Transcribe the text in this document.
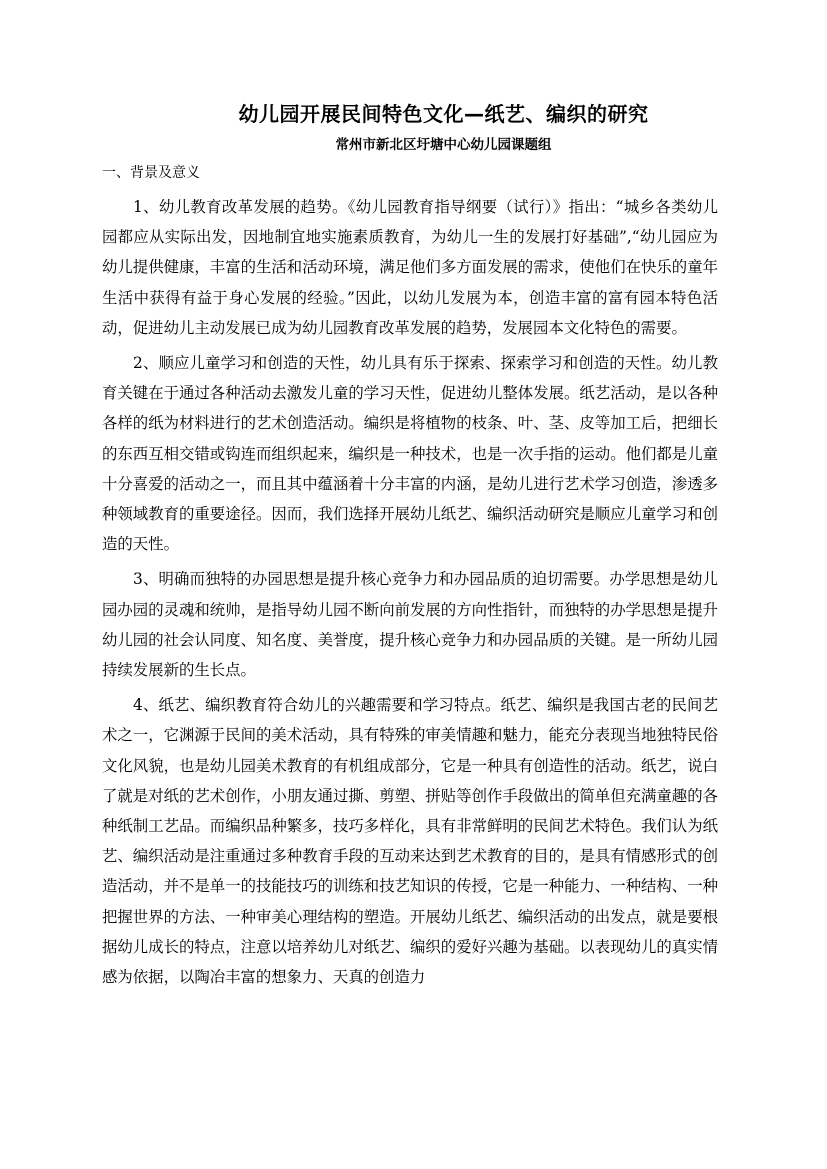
幼儿园开展民间特色文化—纸艺、编织的研究
常州市新北区圩塘中心幼儿园课题组
一、背景及意义

1、幼儿教育改革发展的趋势。《幼儿园教育指导纲要（试行）》指出：“城乡各类幼儿园都应从实际出发，因地制宜地实施素质教育，为幼儿一生的发展打好基础”,“幼儿园应为幼儿提供健康，丰富的生活和活动环境，满足他们多方面发展的需求，使他们在快乐的童年生活中获得有益于身心发展的经验。”因此，以幼儿发展为本，创造丰富的富有园本特色活动，促进幼儿主动发展已成为幼儿园教育改革发展的趋势，发展园本文化特色的需要。

2、顺应儿童学习和创造的天性，幼儿具有乐于探索、探索学习和创造的天性。幼儿教育关键在于通过各种活动去激发儿童的学习天性，促进幼儿整体发展。纸艺活动，是以各种各样的纸为材料进行的艺术创造活动。编织是将植物的枝条、叶、茎、皮等加工后，把细长的东西互相交错或钩连而组织起来，编织是一种技术，也是一次手指的运动。他们都是儿童十分喜爱的活动之一，而且其中蕴涵着十分丰富的内涵，是幼儿进行艺术学习创造，渗透多种领域教育的重要途径。因而，我们选择开展幼儿纸艺、编织活动研究是顺应儿童学习和创造的天性。

3、明确而独特的办园思想是提升核心竞争力和办园品质的迫切需要。办学思想是幼儿园办园的灵魂和统帅，是指导幼儿园不断向前发展的方向性指针，而独特的办学思想是提升幼儿园的社会认同度、知名度、美誉度，提升核心竞争力和办园品质的关键。是一所幼儿园持续发展新的生长点。

4、纸艺、编织教育符合幼儿的兴趣需要和学习特点。纸艺、编织是我国古老的民间艺术之一，它渊源于民间的美术活动，具有特殊的审美情趣和魅力，能充分表现当地独特民俗文化风貌，也是幼儿园美术教育的有机组成部分，它是一种具有创造性的活动。纸艺，说白了就是对纸的艺术创作，小朋友通过撕、剪塑、拼贴等创作手段做出的简单但充满童趣的各种纸制工艺品。而编织品种繁多，技巧多样化，具有非常鲜明的民间艺术特色。我们认为纸艺、编织活动是注重通过多种教育手段的互动来达到艺术教育的目的，是具有情感形式的创造活动，并不是单一的技能技巧的训练和技艺知识的传授，它是一种能力、一种结构、一种把握世界的方法、一种审美心理结构的塑造。开展幼儿纸艺、编织活动的出发点，就是要根据幼儿成长的特点，注意以培养幼儿对纸艺、编织的爱好兴趣为基础。以表现幼儿的真实情感为依据，以陶冶丰富的想象力、天真的创造力
